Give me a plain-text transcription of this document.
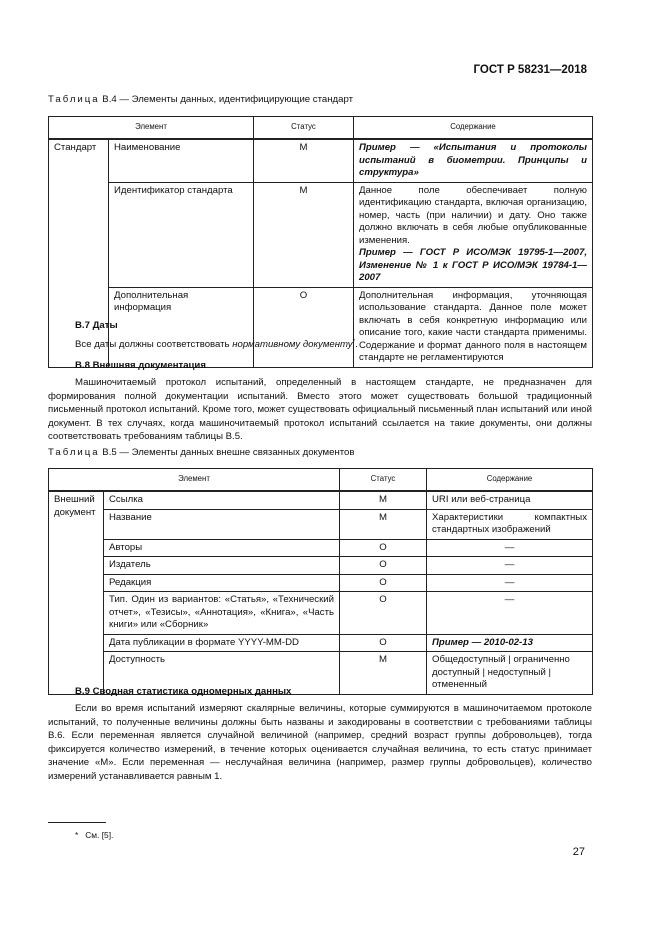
ГОСТ Р 58231—2018
Таблица В.4 — Элементы данных, идентифицирующие стандарт
Элемент		Статус	Содержание
Стандарт	Наименование	М	Пример — «Испытания и протоколы испытаний в биометрии. Принципы и структура»
	Идентификатор стандарта	М	Данное поле обеспечивает полную идентификацию стандарта, включая организацию, номер, часть (при наличии) и дату. Оно также должно включать в себя любые опубликованные изменения.
Пример — ГОСТ Р ИСО/МЭК 19795-1—2007, Изменение № 1 к ГОСТ Р ИСО/МЭК 19784-1—2007
	Дополнительная информация	О	Дополнительная информация, уточняющая использование стандарта. Данное поле может включать в себя конкретную информацию или описание того, какие части стандарта применимы. Содержание и формат данного поля в настоящем стандарте не регламентируются
В.7 Даты
Все даты должны соответствовать нормативному документу*.
В.8 Внешняя документация
Машиночитаемый протокол испытаний, определенный в настоящем стандарте, не предназначен для формирования полной документации испытаний. Вместо этого может существовать большой традиционный письменный протокол испытаний. Кроме того, может существовать официальный письменный план испытаний или иной документ. В тех случаях, когда машиночитаемый протокол испытаний ссылается на такие документы, они должны соответствовать требованиям таблицы В.5.
Таблица В.5 — Элементы данных внешне связанных документов
Элемент		Статус	Содержание
Внешний документ	Ссылка	М	URI или веб-страница
	Название	М	Характеристики компактных стандартных изображений
	Авторы	О	—
	Издатель	О	—
	Редакция	О	—
	Тип. Один из вариантов: «Статья», «Технический отчет», «Тезисы», «Аннотация», «Книга», «Часть книги» или «Сборник»	О	—
	Дата публикации в формате YYYY-MM-DD	О	Пример — 2010-02-13
	Доступность	М	Общедоступный | ограниченно доступный | недоступный | отмененный
В.9 Сводная статистика одномерных данных
Если во время испытаний измеряют скалярные величины, которые суммируются в машиночитаемом протоколе испытаний, то полученные величины должны быть названы и закодированы в соответствии с требованиями таблицы В.6. Если переменная является случайной величиной (например, средний возраст группы добровольцев), тогда фиксируется количество измерений, в течение которых оценивается случайная величина, то есть статус принимает значение «М». Если переменная — неслучайная величина (например, размер группы добровольцев), количество измерений устанавливается равным 1.
* См. [5].
27
